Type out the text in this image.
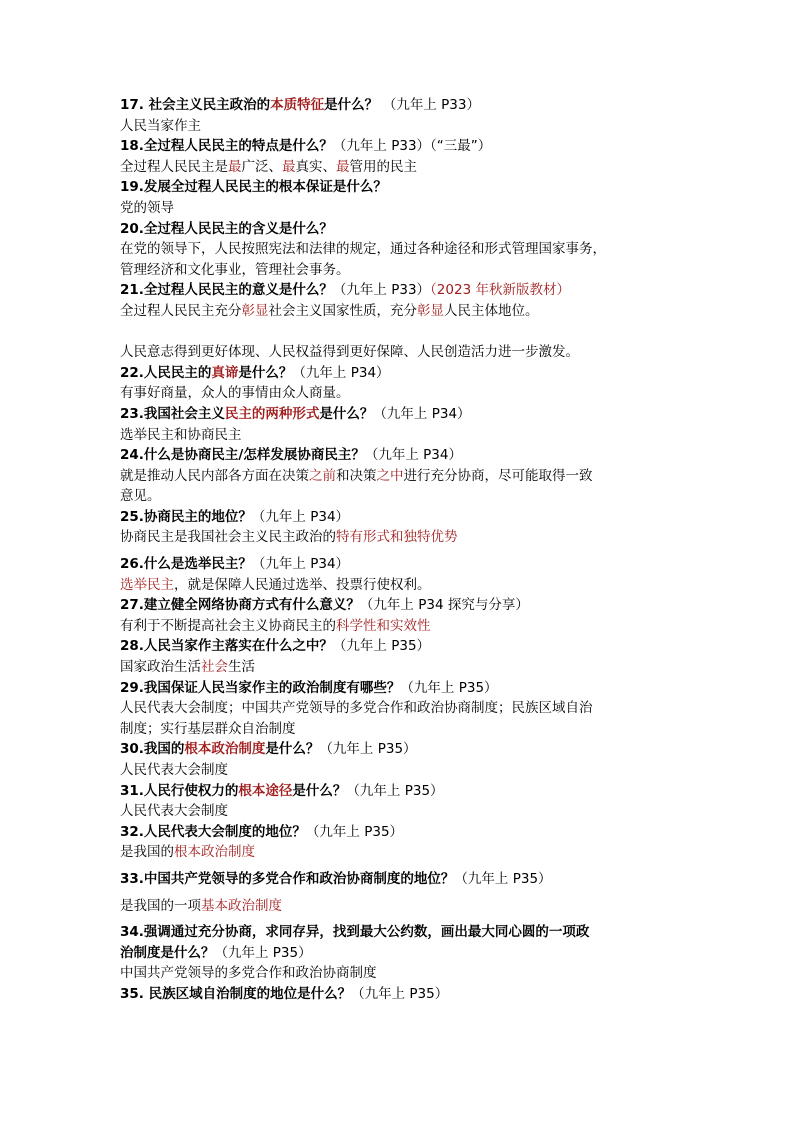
17. 社会主义民主政治的本质特征是什么？ （九年上 P33）
人民当家作主
18.全过程人民民主的特点是什么？（九年上 P33）（“三最”）
全过程人民民主是最广泛、最真实、最管用的民主
19.发展全过程人民民主的根本保证是什么？
党的领导
20.全过程人民民主的含义是什么？
在党的领导下，人民按照宪法和法律的规定，通过各种途径和形式管理国家事务，
管理经济和文化事业，管理社会事务。
21.全过程人民民主的意义是什么？（九年上 P33）（2023 年秋新版教材）
全过程人民民主充分彰显社会主义国家性质，充分彰显人民主体地位。
人民意志得到更好体现、人民权益得到更好保障、人民创造活力进一步激发。
22.人民民主的真谛是什么？（九年上 P34）
有事好商量，众人的事情由众人商量。
23.我国社会主义民主的两种形式是什么？（九年上 P34）
选举民主和协商民主
24.什么是协商民主/怎样发展协商民主？（九年上 P34）
就是推动人民内部各方面在决策之前和决策之中进行充分协商，尽可能取得一致
意见。
25.协商民主的地位？（九年上 P34）
协商民主是我国社会主义民主政治的特有形式和独特优势
26.什么是选举民主？（九年上 P34）
选举民主，就是保障人民通过选举、投票行使权利。
27.建立健全网络协商方式有什么意义？（九年上 P34 探究与分享）
有利于不断提高社会主义协商民主的科学性和实效性
28.人民当家作主落实在什么之中？（九年上 P35）
国家政治生活社会生活
29.我国保证人民当家作主的政治制度有哪些？（九年上 P35）
人民代表大会制度；中国共产党领导的多党合作和政治协商制度；民族区域自治
制度；实行基层群众自治制度
30.我国的根本政治制度是什么？（九年上 P35）
人民代表大会制度
31.人民行使权力的根本途径是什么？（九年上 P35）
人民代表大会制度
32.人民代表大会制度的地位？（九年上 P35）
是我国的根本政治制度
33.中国共产党领导的多党合作和政治协商制度的地位？（九年上 P35）
是我国的一项基本政治制度
34.强调通过充分协商，求同存异，找到最大公约数，画出最大同心圆的一项政
治制度是什么？（九年上 P35）
中国共产党领导的多党合作和政治协商制度
35. 民族区域自治制度的地位是什么？（九年上 P35）
